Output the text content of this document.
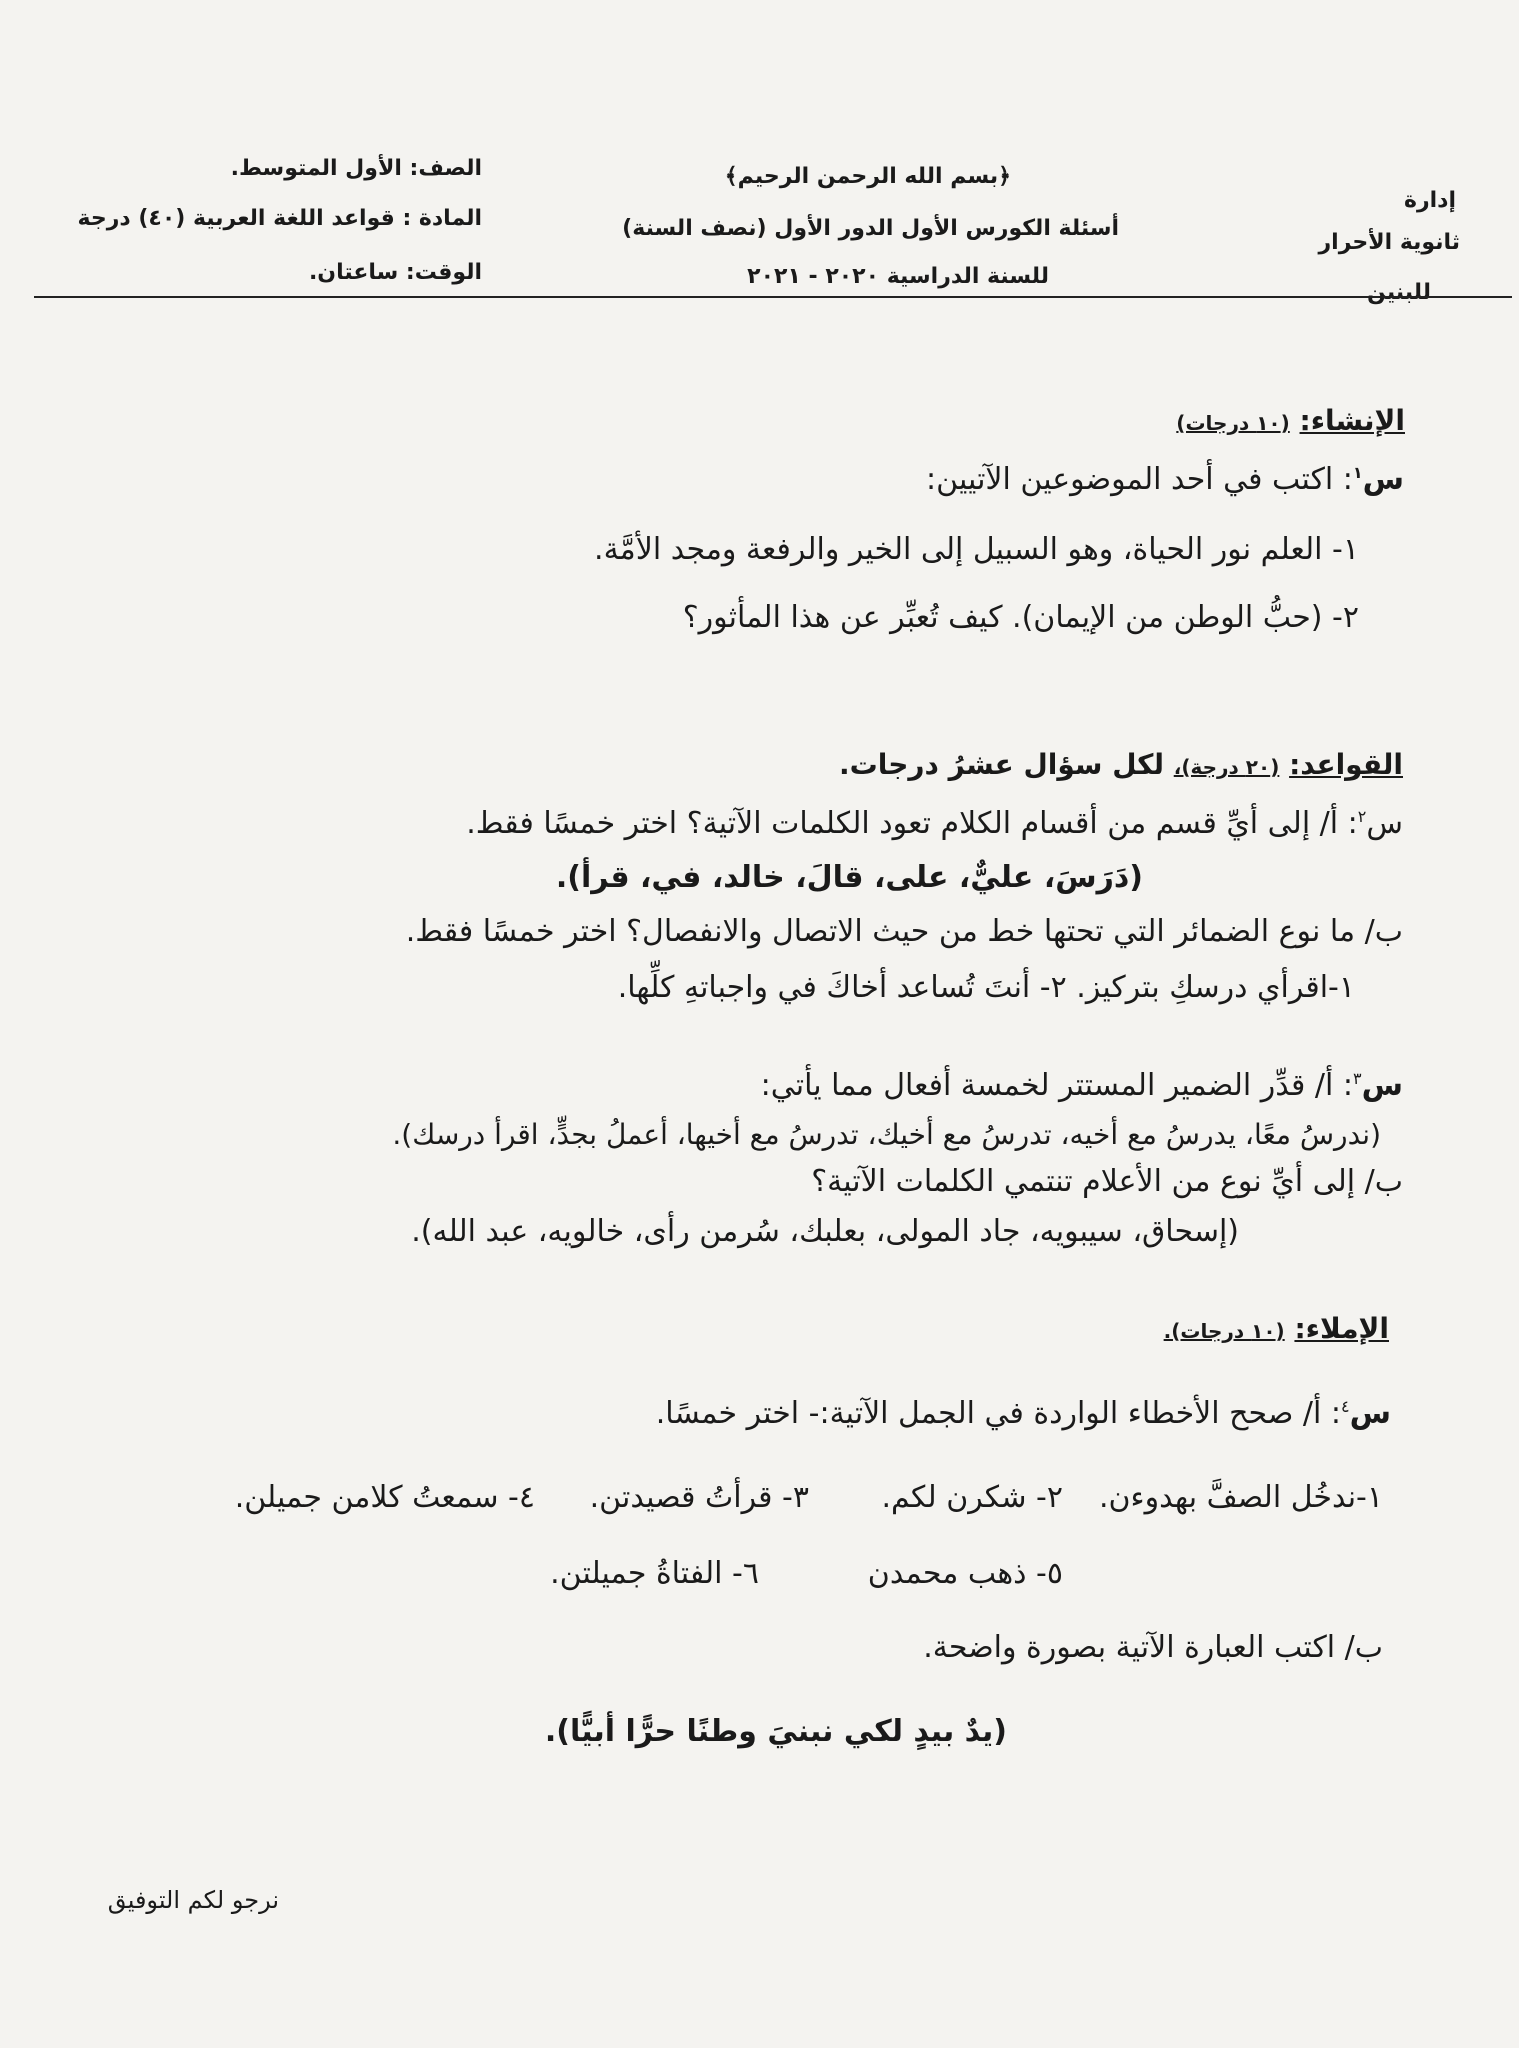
إدارة
ثانوية الأحرار
للبنين
﴿بسم الله الرحمن الرحيم﴾
أسئلة الكورس الأول الدور الأول (نصف السنة)
للسنة الدراسية ٢٠٢٠ - ٢٠٢١
الصف: الأول المتوسط.
المادة : قواعد اللغة العربية (٤٠) درجة
الوقت: ساعتان.
الإنشاء: (١٠ درجات)
س$^١$: اكتب في أحد الموضوعين الآتيين:
١- العلم نور الحياة، وهو السبيل إلى الخير والرفعة ومجد الأمَّة.
٢- (حبُّ الوطن من الإيمان). كيف تُعبِّر عن هذا المأثور؟
القواعد: (٢٠ درجة)، لكل سؤال عشرُ درجات.
س$^٢$: أ/ إلى أيِّ قسم من أقسام الكلام تعود الكلمات الآتية؟ اختر خمسًا فقط.
(دَرَسَ، عليٌّ، على، قالَ، خالد، في، قرأ).
ب/ ما نوع الضمائر التي تحتها خط من حيث الاتصال والانفصال؟ اختر خمسًا فقط.
١-اقرأي درسكِ بتركيز. ٢- أنتَ تُساعد أخاكَ في واجباتهِ كلِّها.
س$^٣$: أ/ قدِّر الضمير المستتر لخمسة أفعال مما يأتي:
(ندرسُ معًا، يدرسُ مع أخيه، تدرسُ مع أخيك، تدرسُ مع أخيها، أعملُ بجدٍّ، اقرأ درسك).
ب/ إلى أيِّ نوع من الأعلام تنتمي الكلمات الآتية؟
(إسحاق، سيبويه، جاد المولى، بعلبك، سُرمن رأى، خالويه، عبد الله).
الإملاء: (١٠ درجات).
س$^٤$: أ/ صحح الأخطاء الواردة في الجمل الآتية:- اختر خمسًا.
١-ندخُل الصفَّ بهدوءن.
٢- شكرن لكم.
٣- قرأتُ قصيدتن.
٤- سمعتُ كلامن جميلن.
٥- ذهب محمدن
٦- الفتاةُ جميلتن.
ب/ اكتب العبارة الآتية بصورة واضحة.
(يدٌ بيدٍ لكي نبنيَ وطنًا حرًّا أبيًّا).
نرجو لكم التوفيق
